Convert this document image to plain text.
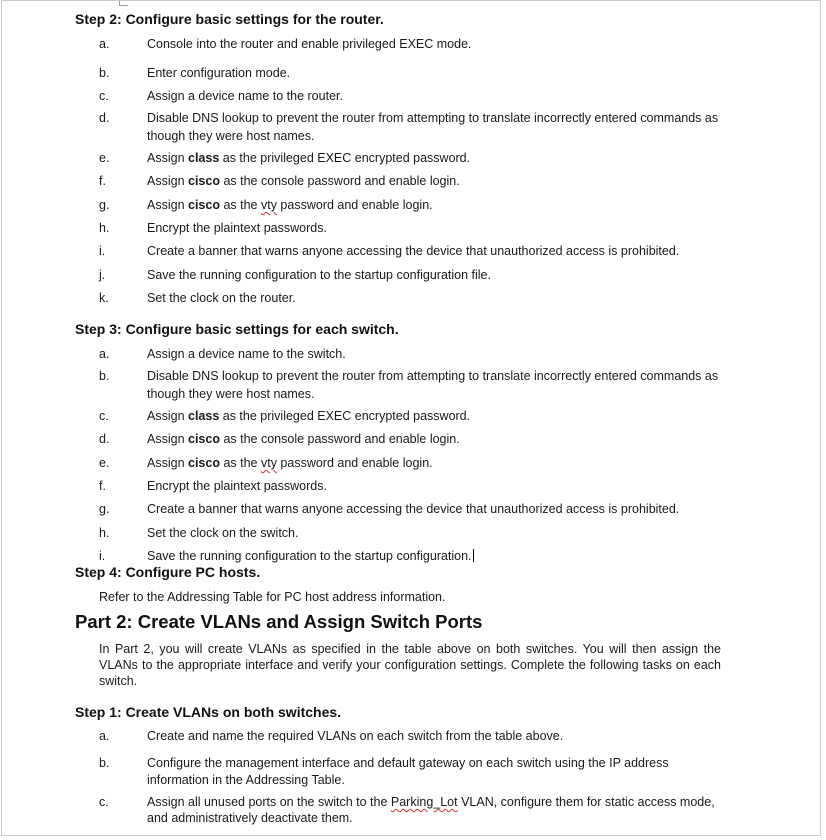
Step 2: Configure basic settings for the router.
a.	Console into the router and enable privileged EXEC mode.
b.	Enter configuration mode.
c.	Assign a device name to the router.
d.	Disable DNS lookup to prevent the router from attempting to translate incorrectly entered commands as
though they were host names.
e.	Assign class as the privileged EXEC encrypted password.
f.	Assign cisco as the console password and enable login.
g.	Assign cisco as the vty password and enable login.
h.	Encrypt the plaintext passwords.
i.	Create a banner that warns anyone accessing the device that unauthorized access is prohibited.
j.	Save the running configuration to the startup configuration file.
k.	Set the clock on the router.
Step 3: Configure basic settings for each switch.
a.	Assign a device name to the switch.
b.	Disable DNS lookup to prevent the router from attempting to translate incorrectly entered commands as
though they were host names.
c.	Assign class as the privileged EXEC encrypted password.
d.	Assign cisco as the console password and enable login.
e.	Assign cisco as the vty password and enable login.
f.	Encrypt the plaintext passwords.
g.	Create a banner that warns anyone accessing the device that unauthorized access is prohibited.
h.	Set the clock on the switch.
i.	Save the running configuration to the startup configuration.
Step 4: Configure PC hosts.
Refer to the Addressing Table for PC host address information.
Part 2: Create VLANs and Assign Switch Ports
In Part 2, you will create VLANs as specified in the table above on both switches. You will then assign the VLANs to the appropriate interface and verify your configuration settings. Complete the following tasks on each switch.
Step 1: Create VLANs on both switches.
a.	Create and name the required VLANs on each switch from the table above.
b.	Configure the management interface and default gateway on each switch using the IP address
information in the Addressing Table.
c.	Assign all unused ports on the switch to the Parking_Lot VLAN, configure them for static access mode,
and administratively deactivate them.
